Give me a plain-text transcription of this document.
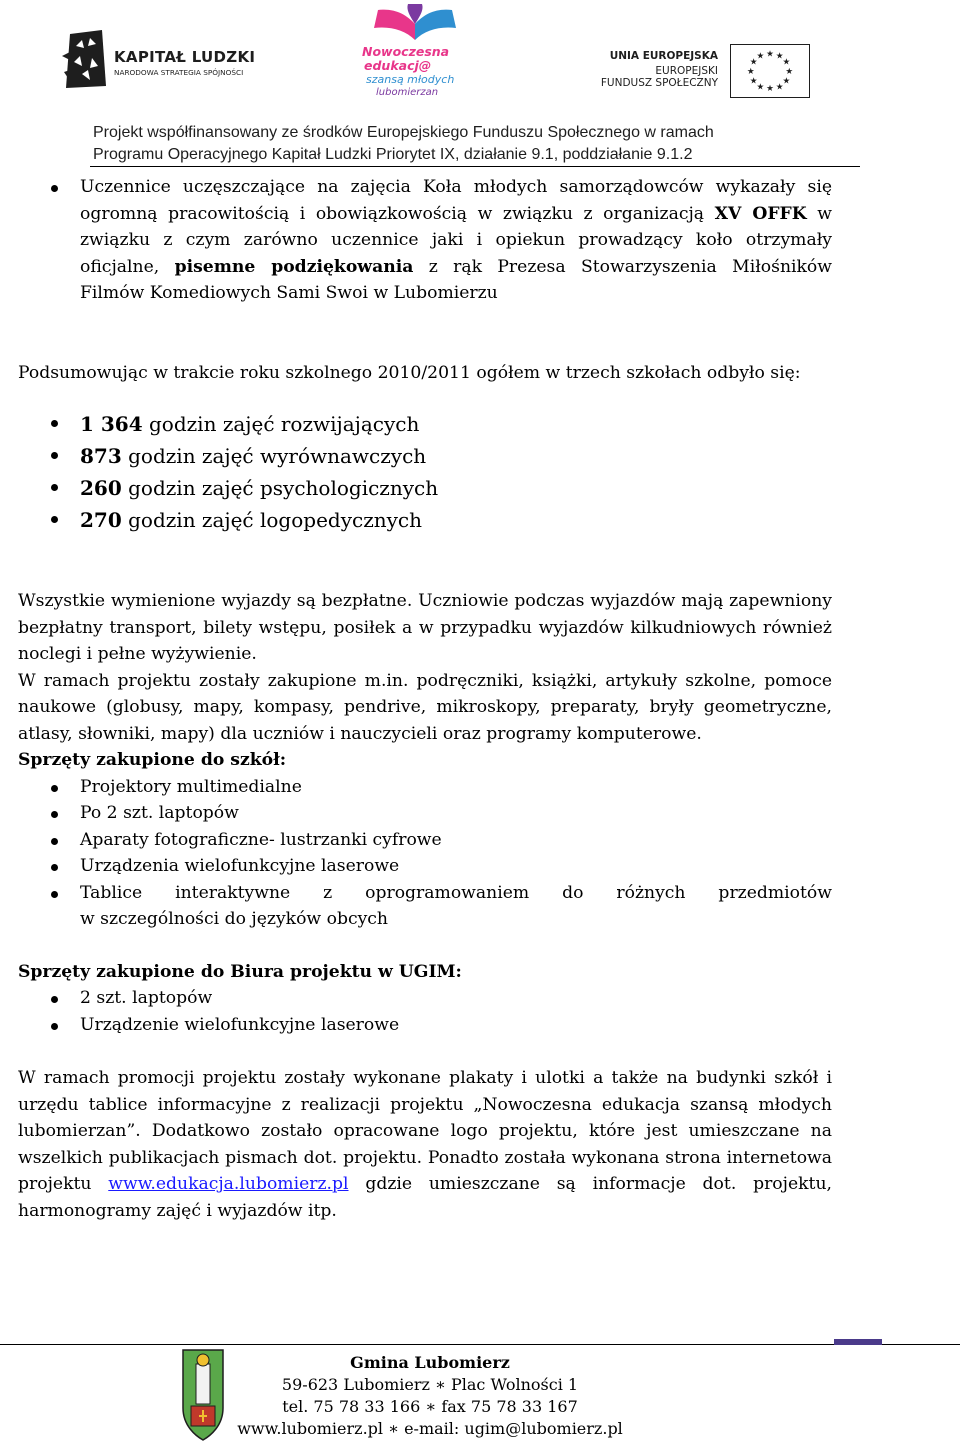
KAPITAŁ LUDZKI
NARODOWA STRATEGIA SPÓJNOŚCI
Nowoczesna
edukacj@
szansą młodych
lubomierzan
UNIA EUROPEJSKA
EUROPEJSKI
FUNDUSZ SPOŁECZNY
★ ★
★
★
★
★
★
★
★
★
★
★
Projekt współfinansowany ze środków Europejskiego Funduszu Społecznego w ramach
Programu Operacyjnego Kapitał Ludzki Priorytet IX, działanie 9.1, poddziałanie 9.1.2
Uczennice uczęszczające na zajęcia Koła młodych samorządowców wykazały się ogromną pracowitością i obowiązkowością w związku z organizacją XV OFFK w związku z czym zarówno uczennice jaki i opiekun prowadzący koło otrzymały oficjalne, pisemne podziękowania z rąk Prezesa Stowarzyszenia Miłośników Filmów Komediowych Sami Swoi w Lubomierzu

Podsumowując w trakcie roku szkolnego 2010/2011 ogółem w trzech szkołach odbyło się:

1 364 godzin zajęć rozwijających
873 godzin zajęć wyrównawczych
260 godzin zajęć psychologicznych
270 godzin zajęć logopedycznych

Wszystkie wymienione wyjazdy są bezpłatne. Uczniowie podczas wyjazdów mają zapewniony bezpłatny transport, bilety wstępu, posiłek a w przypadku wyjazdów kilkudniowych również noclegi i pełne wyżywienie.

W ramach projektu zostały zakupione m.in. podręczniki, książki, artykuły szkolne, pomoce naukowe (globusy, mapy, kompasy, pendrive, mikroskopy, preparaty, bryły geometryczne, atlasy, słowniki, mapy) dla uczniów i nauczycieli oraz programy komputerowe.

Sprzęty zakupione do szkół:

Projektory multimedialne
Po 2 szt. laptopów
Aparaty fotograficzne- lustrzanki cyfrowe
Urządzenia wielofunkcyjne laserowe
Tablice interaktywne z oprogramowaniem do różnych przedmiotów
w szczególności do języków obcych

Sprzęty zakupione do Biura projektu w UGIM:

2 szt. laptopów
Urządzenie wielofunkcyjne laserowe

W ramach promocji projektu zostały wykonane plakaty i ulotki a także na budynki szkół i urzędu tablice informacyjne z realizacji projektu „Nowoczesna edukacja szansą młodych lubomierzan”. Dodatkowo zostało opracowane logo projektu, które jest umieszczane na wszelkich publikacjach pismach dot. projektu. Ponadto została wykonana strona internetowa projektu www.edukacja.lubomierz.pl gdzie umieszczane są informacje dot. projektu, harmonogramy zajęć i wyjazdów itp.

Gmina Lubomierz
59-623 Lubomierz ∗ Plac Wolności 1
tel. 75 78 33 166 ∗ fax 75 78 33 167
www.lubomierz.pl ∗ e-mail: ugim@lubomierz.pl
